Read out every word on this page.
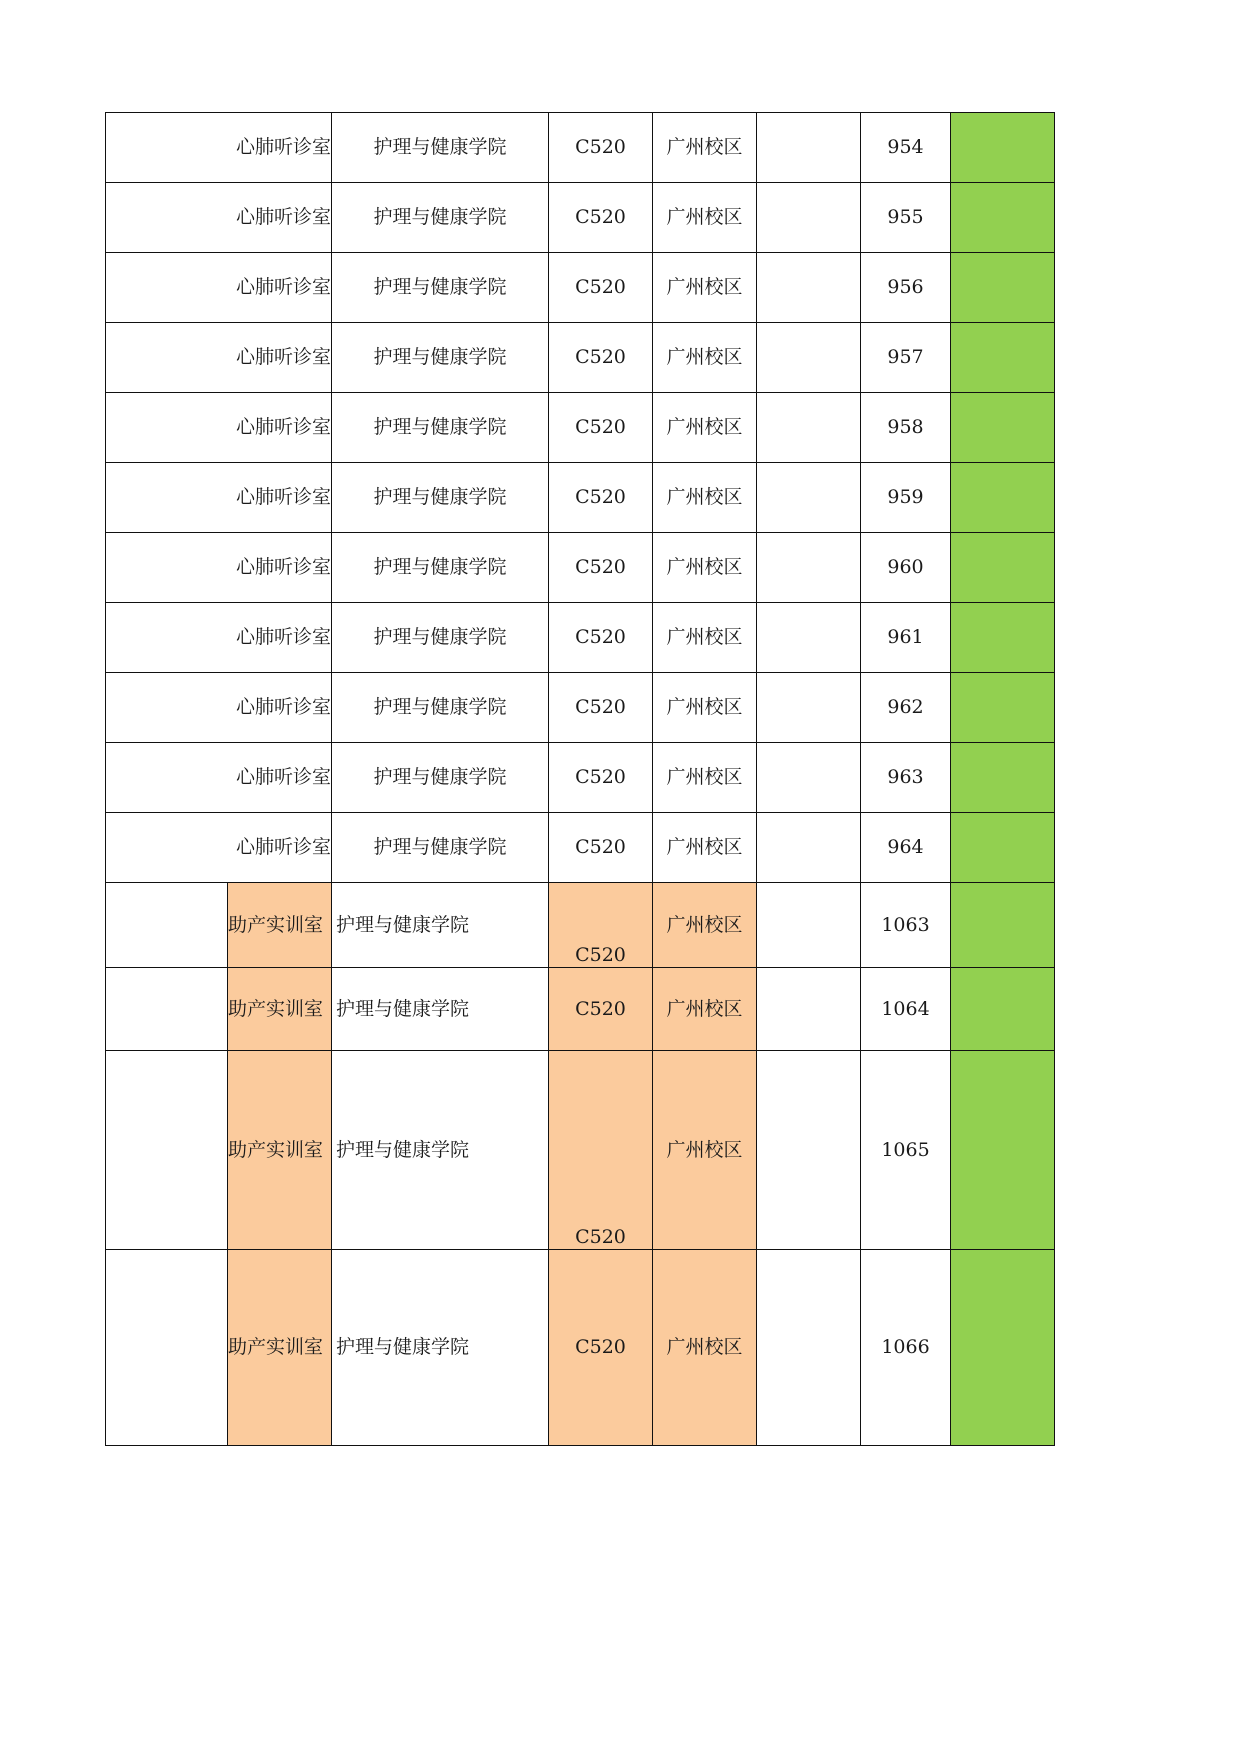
心肺听诊室		护理与健康学院	C520	广州校区		954	
心肺听诊室		护理与健康学院	C520	广州校区		955	
心肺听诊室		护理与健康学院	C520	广州校区		956	
心肺听诊室		护理与健康学院	C520	广州校区		957	
心肺听诊室		护理与健康学院	C520	广州校区		958	
心肺听诊室		护理与健康学院	C520	广州校区		959	
心肺听诊室		护理与健康学院	C520	广州校区		960	
心肺听诊室		护理与健康学院	C520	广州校区		961	
心肺听诊室		护理与健康学院	C520	广州校区		962	
心肺听诊室		护理与健康学院	C520	广州校区		963	
心肺听诊室		护理与健康学院	C520	广州校区		964	
	助产实训室	护理与健康学院	C520	广州校区		1063	
	助产实训室	护理与健康学院	C520	广州校区		1064	
	助产实训室	护理与健康学院	C520	广州校区		1065	
	助产实训室	护理与健康学院	C520	广州校区		1066	
